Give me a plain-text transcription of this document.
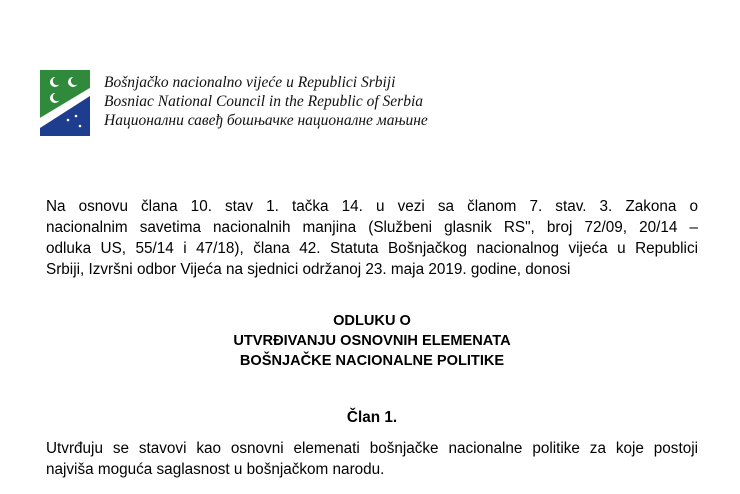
Bošnjačko nacionalno vijeće u Republici Srbiji
Bosniac National Council in the Republic of Serbia
Национални савеђ бошњачке националне мањине
Na osnovu člana 10. stav 1. tačka 14. u vezi sa članom 7. stav. 3. Zakona o
nacionalnim savetima nacionalnih manjina (Službeni glasnik RS", broj 72/09, 20/14 –
odluka US, 55/14 i 47/18), člana 42. Statuta Bošnjačkog nacionalnog vijeća u Republici
Srbiji, Izvršni odbor Vijeća na sjednici održanoj 23. maja 2019. godine, donosi
ODLUKU O
UTVRĐIVANJU OSNOVNIH ELEMENATA
BOŠNJAČKE NACIONALNE POLITIKE
Član 1.
Utvrđuju se stavovi kao osnovni elemenati bošnjačke nacionalne politike za koje postoji
najviša moguća saglasnost u bošnjačkom narodu.
